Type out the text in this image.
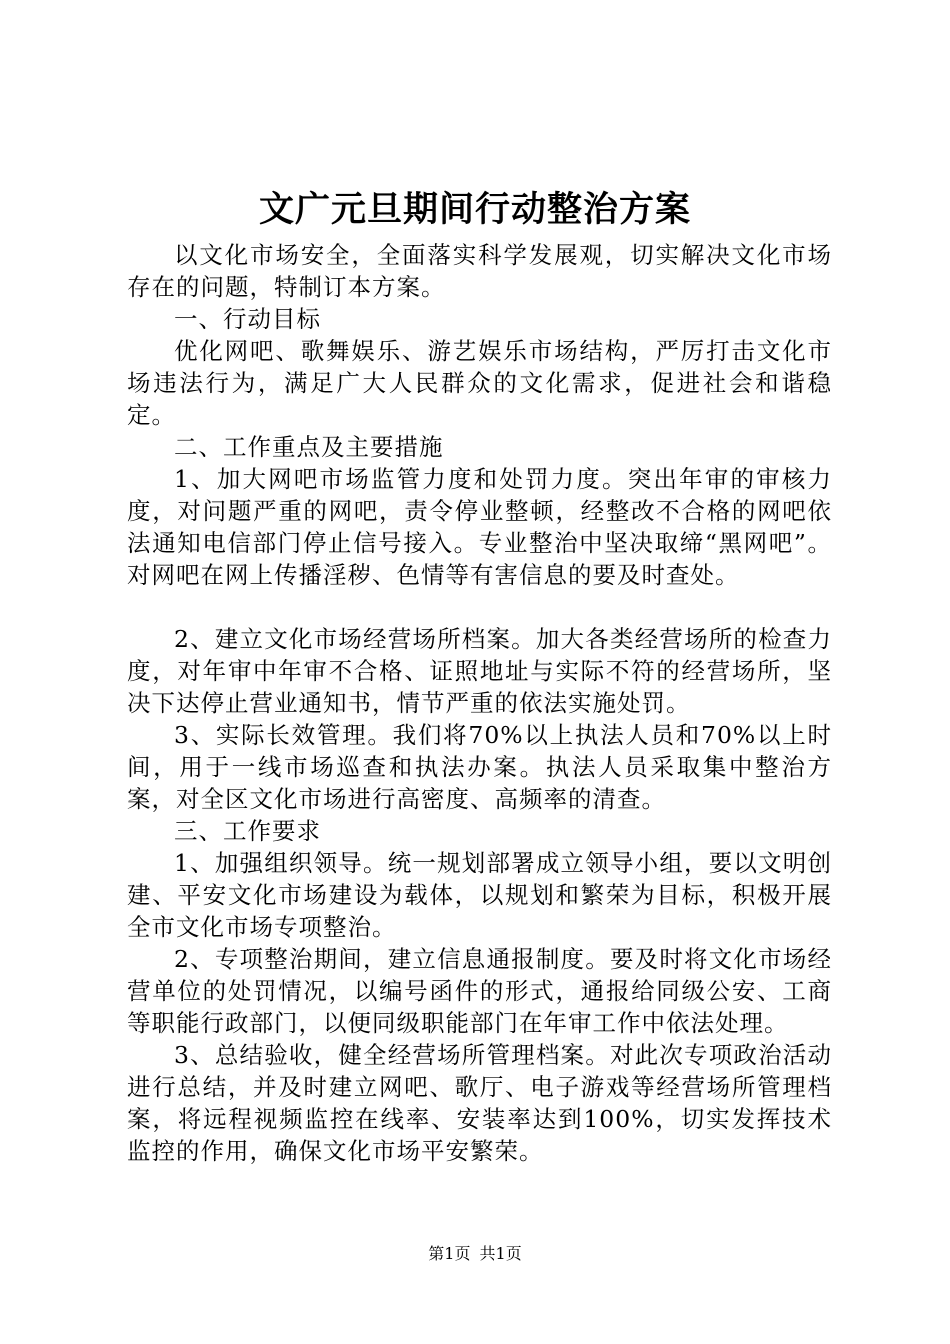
文广元旦期间行动整治方案

以文化市场安全，全面落实科学发展观，切实解决文化市场存在的问题，特制订本方案。

一、行动目标

优化网吧、歌舞娱乐、游艺娱乐市场结构，严厉打击文化市场违法行为，满足广大人民群众的文化需求，促进社会和谐稳定。

二、工作重点及主要措施

1、加大网吧市场监管力度和处罚力度。突出年审的审核力度，对问题严重的网吧，责令停业整顿，经整改不合格的网吧依法通知电信部门停止信号接入。专业整治中坚决取缔“黑网吧”。对网吧在网上传播淫秽、色情等有害信息的要及时查处。

2、建立文化市场经营场所档案。加大各类经营场所的检查力度，对年审中年审不合格、证照地址与实际不符的经营场所，坚决下达停止营业通知书，情节严重的依法实施处罚。

3、实际长效管理。我们将70%以上执法人员和70%以上时间，用于一线市场巡查和执法办案。执法人员采取集中整治方案，对全区文化市场进行高密度、高频率的清查。

三、工作要求

1、加强组织领导。统一规划部署成立领导小组，要以文明创建、平安文化市场建设为载体，以规划和繁荣为目标，积极开展全市文化市场专项整治。

2、专项整治期间，建立信息通报制度。要及时将文化市场经营单位的处罚情况，以编号函件的形式，通报给同级公安、工商等职能行政部门，以便同级职能部门在年审工作中依法处理。

3、总结验收，健全经营场所管理档案。对此次专项政治活动进行总结，并及时建立网吧、歌厅、电子游戏等经营场所管理档案，将远程视频监控在线率、安装率达到100%，切实发挥技术监控的作用，确保文化市场平安繁荣。

第1页 共1页
